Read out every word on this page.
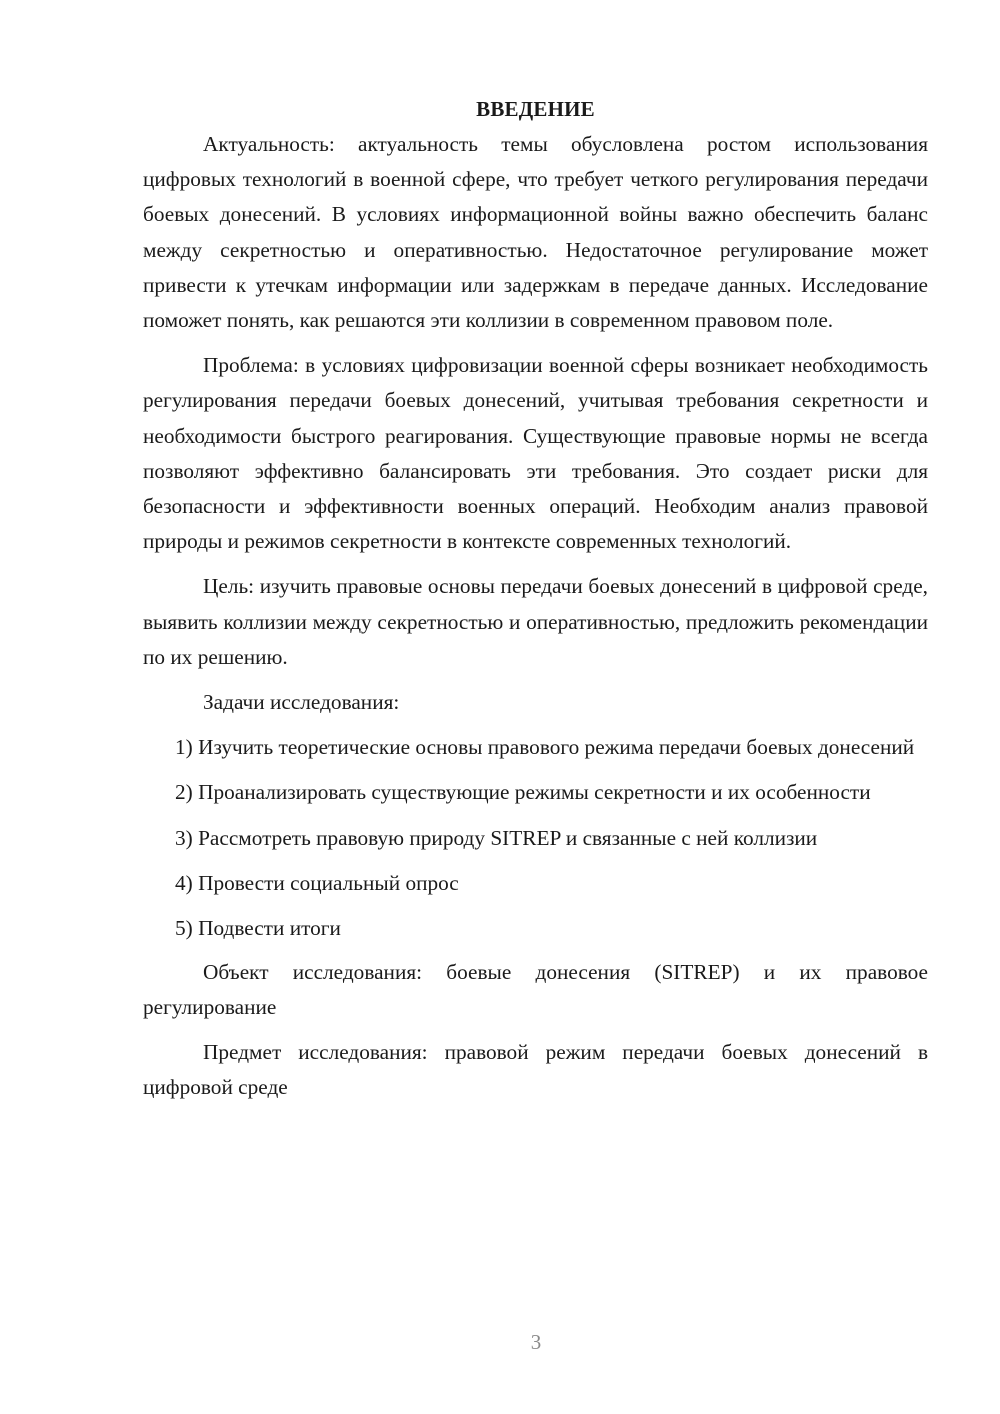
ВВЕДЕНИЕ

Актуальность: актуальность темы обусловлена ростом использования цифровых технологий в военной сфере, что требует четкого регулирования передачи боевых донесений. В условиях информационной войны важно обеспечить баланс между секретностью и оперативностью. Недостаточное регулирование может привести к утечкам информации или задержкам в передаче данных. Исследование поможет понять, как решаются эти коллизии в современном правовом поле.

Проблема: в условиях цифровизации военной сферы возникает необходимость регулирования передачи боевых донесений, учитывая требования секретности и необходимости быстрого реагирования. Существующие правовые нормы не всегда позволяют эффективно балансировать эти требования. Это создает риски для безопасности и эффективности военных операций. Необходим анализ правовой природы и режимов секретности в контексте современных технологий.

Цель: изучить правовые основы передачи боевых донесений в цифровой среде, выявить коллизии между секретностью и оперативностью, предложить рекомендации по их решению.

Задачи исследования:

1) Изучить теоретические основы правового режима передачи боевых донесений

2) Проанализировать существующие режимы секретности и их особенности

3) Рассмотреть правовую природу SITREP и связанные с ней коллизии

4) Провести социальный опрос

5) Подвести итоги

Объект исследования: боевые донесения (SITREP) и их правовое регулирование

Предмет исследования: правовой режим передачи боевых донесений в цифровой среде

3
